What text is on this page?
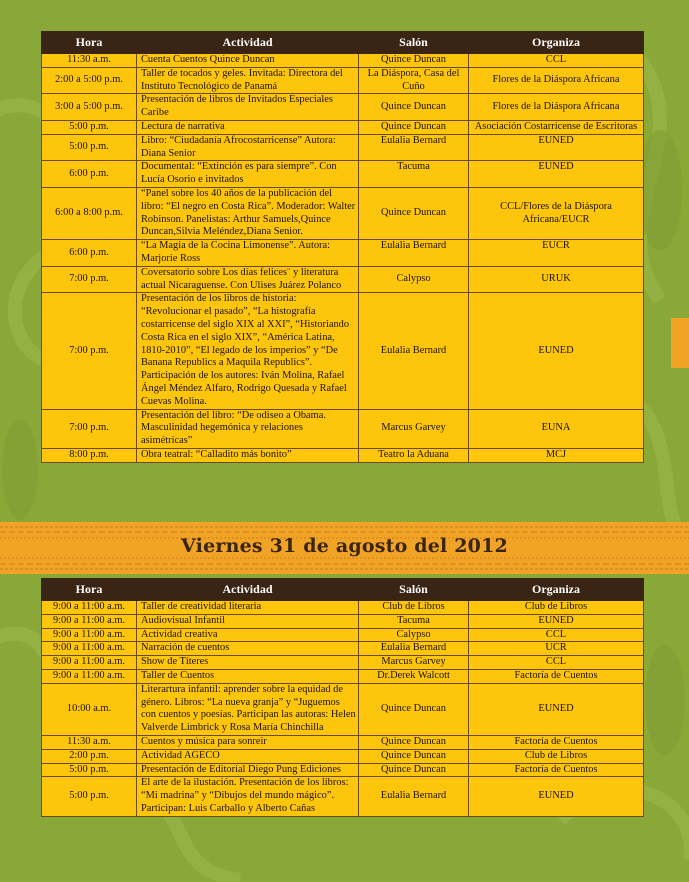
Hora	Actividad	Salón	Organiza
11:30 a.m.	Cuenta Cuentos Quince Duncan	Quince Duncan	CCL
2:00 a 5:00 p.m.	Taller de tocados y geles. Invitada: Directora del Instituto Tecnológico de Panamá	La Diáspora, Casa del Cuño	Flores de la Diáspora Africana
3:00 a 5:00 p.m.	Presentación de libros de Invitados Especiales Caribe	Quince Duncan	Flores de la Diáspora Africana
5:00 p.m.	Lectura de narrativa	Quince Duncan	Asociación Costarricense de Escritoras
5:00 p.m.	Libro: “Ciudadanía Afrocostarricense” Autora: Diana Senior	Eulalia Bernard	EUNED
6:00 p.m.	Documental: “Extinción es para siempre”. Con Lucía Osorio e invitados	Tacuma	EUNED
6:00 a 8:00 p.m.	“Panel sobre los 40 años de la publicación del libro: “El negro en Costa Rica”. Moderador: Walter Robinson. Panelistas: Arthur Samuels,Quince Duncan,Silvia Meléndez,Diana Senior.	Quince Duncan	CCL/Flores de la Diáspora Africana/EUCR
6:00 p.m.	“La Magia de la Cocina Limonense”. Autora: Marjorie Ross	Eulalia Bernard	EUCR
7:00 p.m.	Coversatorio sobre Los días felices¨ y literatura actual Nicaraguense. Con Ulises Juárez Polanco	Calypso	URUK
7:00 p.m.	Presentación de los libros de historia: “Revolucionar el pasado”, “La histografía costarricense del siglo XIX al XXI”, “Historiando Costa Rica en el siglo XIX”, “América Latina, 1810-2010”, “El legado de los imperios” y “De Banana Republics a Maquila Republics”. Participación de los autores: Iván Molina, Rafael Ángel Méndez Alfaro, Rodrigo Quesada y Rafael Cuevas Molina.	Eulalia Bernard	EUNED
7:00 p.m.	Presentación del libro: “De odiseo a Obama. Masculinidad hegemónica y relaciones asimétricas”	Marcus Garvey	EUNA
8:00 p.m.	Obra teatral: “Calladito más bonito”	Teatro la Aduana	MCJ
Viernes 31 de agosto del 2012
Hora	Actividad	Salón	Organiza
9:00 a 11:00 a.m.	Taller de creatividad literaria	Club de Libros	Club de Libros
9:00 a 11:00 a.m.	Audiovisual Infantil	Tacuma	EUNED
9:00 a 11:00 a.m.	Actividad creativa	Calypso	CCL
9:00 a 11:00 a.m.	Narración de cuentos	Eulalia Bernard	UCR
9:00 a 11:00 a.m.	Show de Títeres	Marcus Garvey	CCL
9:00 a 11:00 a.m.	Taller de Cuentos	Dr.Derek Walcott	Factoría de Cuentos
10:00 a.m.	Literartura infantil: aprender sobre la equidad de género. Libros: “La nueva granja” y “Juguemos con cuentos y poesías. Participan las autoras: Helen Valverde Limbrick y Rosa María Chinchilla	Quince Duncan	EUNED
11:30 a.m.	Cuentos y música para sonreir	Quince Duncan	Factoría de Cuentos
2:00 p.m.	Actividad AGECO	Quince Duncan	Club de Libros
5:00 p.m.	Presentación de Editorial Diego Pung Ediciones	Quince Duncan	Factoría de Cuentos
5:00 p.m.	El arte de la ilustación. Presentación de los libros: “Mi madrina” y “Dibujos del mundo mágico”. Participan: Luis Carballo y Alberto Cañas	Eulalia Bernard	EUNED
